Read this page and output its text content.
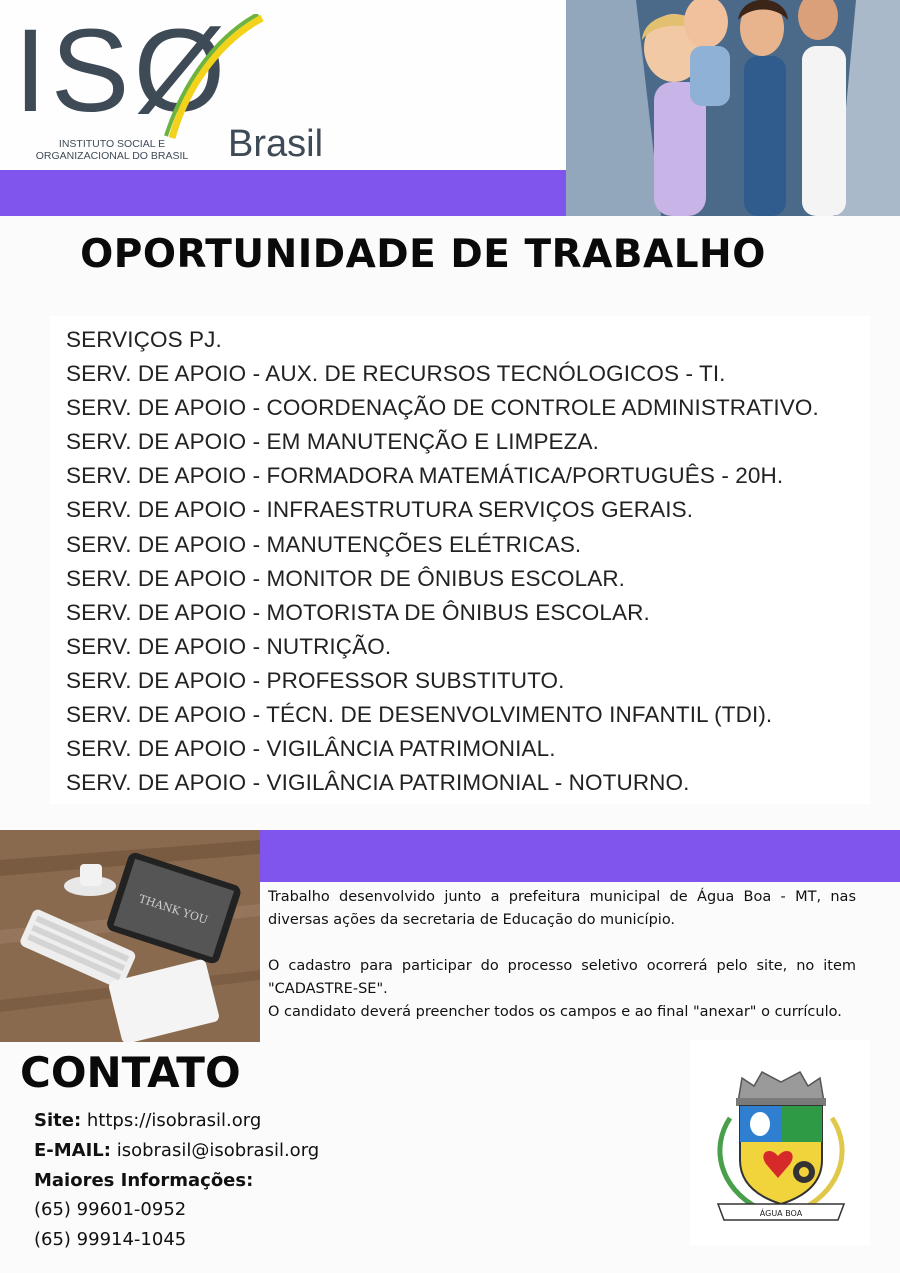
ISØ
INSTITUTO SOCIAL E ORGANIZACIONAL DO BRASIL	Brasil
OPORTUNIDADE DE TRABALHO
SERVIÇOS PJ.
SERV. DE APOIO - AUX. DE RECURSOS TECNÓLOGICOS - TI.
SERV. DE APOIO - COORDENAÇÃO DE CONTROLE ADMINISTRATIVO.
SERV. DE APOIO - EM MANUTENÇÃO E LIMPEZA.
SERV. DE APOIO - FORMADORA MATEMÁTICA/PORTUGUÊS - 20H.
SERV. DE APOIO - INFRAESTRUTURA SERVIÇOS GERAIS.
SERV. DE APOIO - MANUTENÇÕES ELÉTRICAS.
SERV. DE APOIO - MONITOR DE ÔNIBUS ESCOLAR.
SERV. DE APOIO - MOTORISTA DE ÔNIBUS ESCOLAR.
SERV. DE APOIO - NUTRIÇÃO.
SERV. DE APOIO - PROFESSOR SUBSTITUTO.
SERV. DE APOIO - TÉCN. DE DESENVOLVIMENTO INFANTIL (TDI).
SERV. DE APOIO - VIGILÂNCIA PATRIMONIAL.
SERV. DE APOIO - VIGILÂNCIA PATRIMONIAL - NOTURNO.
THANK YOU	Trabalho desenvolvido junto a prefeitura municipal de Água Boa - MT, nas diversas ações da secretaria de Educação do município.

O cadastro para participar do processo seletivo ocorrerá pelo site, no item "CADASTRE-SE".

O candidato deverá preencher todos os campos e ao final "anexar" o currículo.

CONTATO
Site: https://isobrasil.org
E-MAIL: isobrasil@isobrasil.org
Maiores Informações:
(65) 99601-0952
(65) 99914-1045
ÁGUA BOA
